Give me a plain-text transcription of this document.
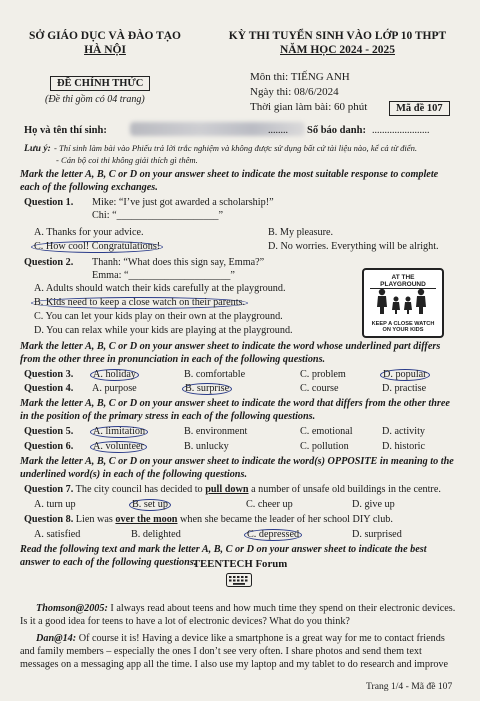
SỞ GIÁO DỤC VÀ ĐÀO TẠO
HÀ NỘI
KỲ THI TUYỂN SINH VÀO LỚP 10 THPT
NĂM HỌC 2024 - 2025
ĐỀ CHÍNH THỨC
(Đề thi gồm có 04 trang)
Môn thi: TIẾNG ANH
Ngày thi: 08/6/2024
Thời gian làm bài: 60 phút	Mã đề 107
Họ và tên thí sinh:	........ Số báo danh: .......................
Lưu ý: - Thí sinh làm bài vào Phiếu trả lời trắc nghiệm và không được sử dụng bất cứ tài liệu nào, kể cả từ điển.
- Cán bộ coi thi không giải thích gì thêm.
Mark the letter A, B, C or D on your answer sheet to indicate the most suitable response to complete
each of the following exchanges.
Question 1. Mike: “I’ve just got awarded a scholarship!”
Chi: “____________________”
A. Thanks for your advice.	B. My pleasure.
C. How cool! Congratulations!	D. No worries. Everything will be alright.
Question 2. Thanh: “What does this sign say, Emma?”
Emma: “____________________”
A. Adults should watch their kids carefully at the playground.
B. Kids need to keep a close watch on their parents.
C. You can let your kids play on their own at the playground.
D. You can relax while your kids are playing at the playground.
AT THE PLAYGROUND
KEEP A CLOSE WATCH ON YOUR KIDS
Mark the letter A, B, C or D on your answer sheet to indicate the word whose underlined part differs
from the other three in pronunciation in each of the following questions.
Question 3. A. holiday	B. comfortable	C. problem	D. popular
Question 4. A. purpose	B. surprise	C. course	D. practise
Mark the letter A, B, C or D on your answer sheet to indicate the word that differs from the other three
in the position of the primary stress in each of the following questions.
Question 5. A. limitation	B. environment	C. emotional	D. activity
Question 6. A. volunteer	B. unlucky	C. pollution	D. historic
Mark the letter A, B, C or D on your answer sheet to indicate the word(s) OPPOSITE in meaning to the
underlined word(s) in each of the following questions.
Question 7. The city council has decided to pull down a number of unsafe old buildings in the centre.
A. turn up	B. set up	C. cheer up	D. give up
Question 8. Lien was over the moon when she became the leader of her school DIY club.
A. satisfied	B. delighted	C. depressed	D. surprised
Read the following text and mark the letter A, B, C or D on your answer sheet to indicate the best
answer to each of the following questions.
TEENTECH Forum
Thomson@2005: I always read about teens and how much time they spend on their electronic devices.
Is it a good idea for teens to have a lot of electronic devices? What do you think?
Dan@14: Of course it is! Having a device like a smartphone is a great way for me to contact friends
and family members – especially the ones I don’t see very often. I share photos and send them text
messages on a messaging app all the time. I also use my laptop and my tablet to do research and improve
Trang 1/4 - Mã đề 107
